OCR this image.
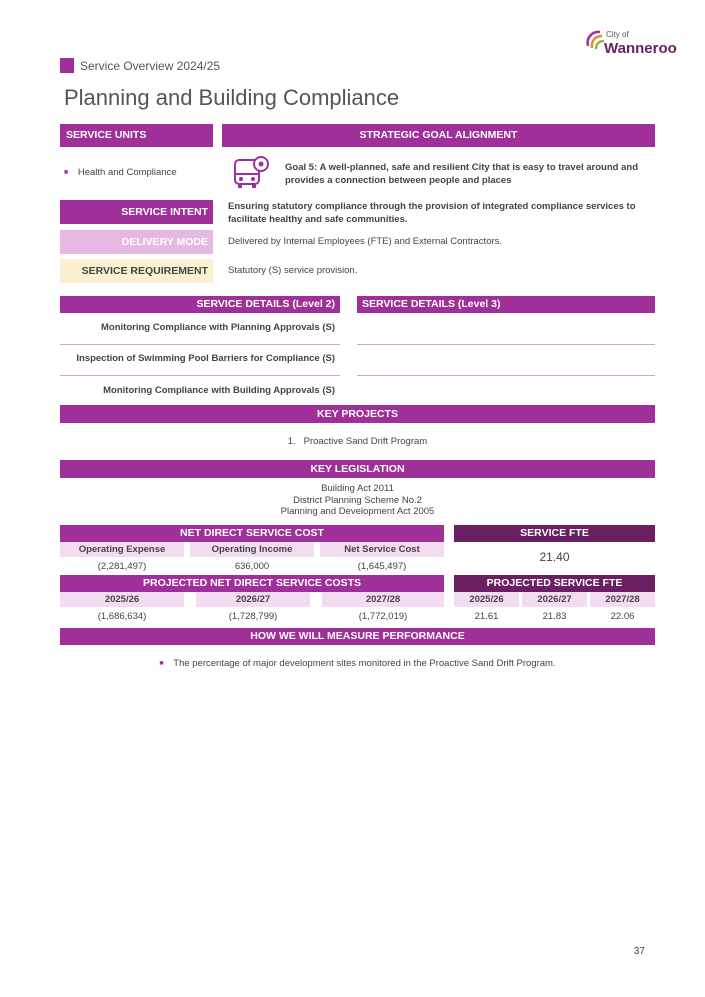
City of
Wanneroo
Service Overview 2024/25
Planning and Building Compliance
SERVICE UNITS	STRATEGIC GOAL ALIGNMENT
■ Health and Compliance	Goal 5: A well-planned, safe and resilient City that is easy to travel around and provides a connection between people and places
SERVICE INTENT	Ensuring statutory compliance through the provision of integrated compliance services to facilitate healthy and safe communities.
DELIVERY MODE	Delivered by Internal Employees (FTE) and External Contractors.
SERVICE REQUIREMENT	Statutory (S) service provision.
SERVICE DETAILS (Level 2)	SERVICE DETAILS (Level 3)
Monitoring Compliance with Planning Approvals (S)
Inspection of Swimming Pool Barriers for Compliance (S)
Monitoring Compliance with Building Approvals (S)
KEY PROJECTS
1.   Proactive Sand Drift Program
KEY LEGISLATION
Building Act 2011
District Planning Scheme No.2
Planning and Development Act 2005
NET DIRECT SERVICE COST
Operating Expense	Operating Income	Net Service Cost
(2,281,497)	636,000	(1,645,497)
SERVICE FTE
21.40
PROJECTED NET DIRECT SERVICE COSTS
2025/26	2026/27	2027/28
(1,686,634)	(1,728,799)	(1,772,019)
PROJECTED SERVICE FTE
2025/26	2026/27	2027/28
21.61	21.83	22.06
HOW WE WILL MEASURE PERFORMANCE
■ The percentage of major development sites monitored in the Proactive Sand Drift Program.
37
